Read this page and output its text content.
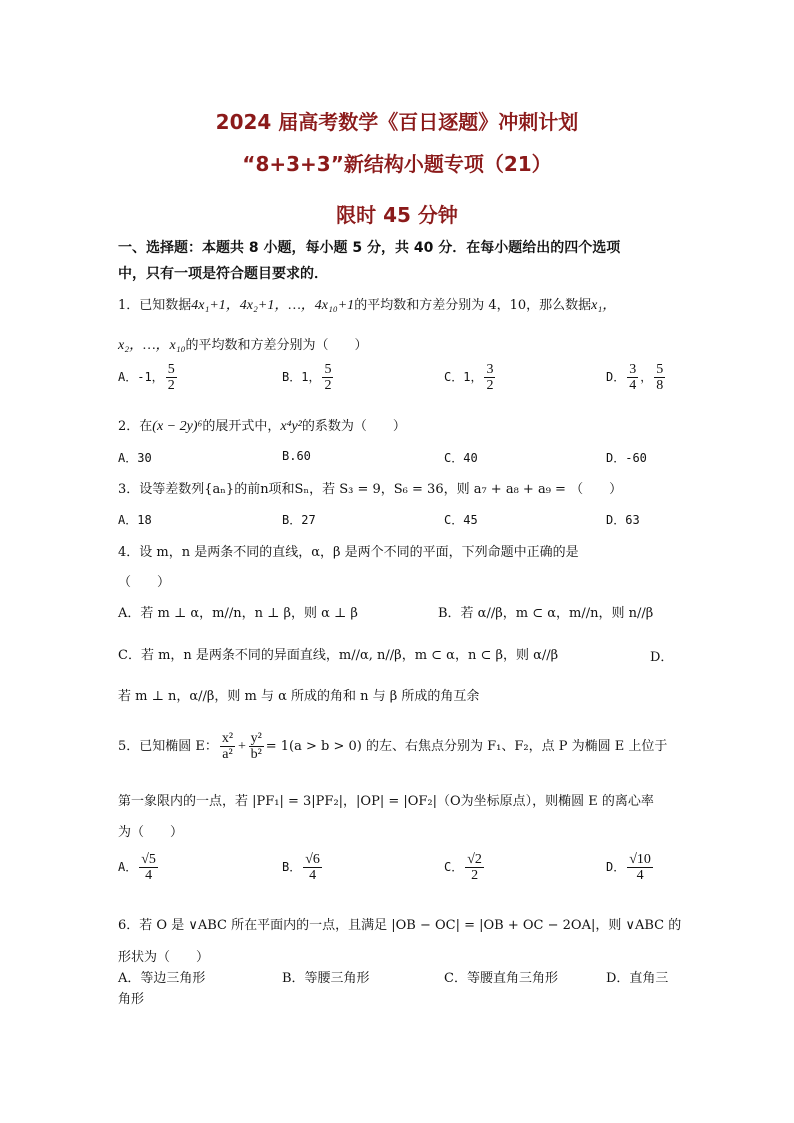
2024 届高考数学《百日逐题》冲刺计划
“8+3+3”新结构小题专项（21）
限时 45 分钟
一、选择题：本题共 8 小题，每小题 5 分，共 40 分．在每小题给出的四个选项
中，只有一项是符合题目要求的．
1．已知数据4x₁+1，4x₂+1，…，4x₁₀+1的平均数和方差分别为 4，10，那么数据x₁，
x₂，…，x₁₀的平均数和方差分别为（　　）
A．-1， $\frac{5}{2}$	B．1， $\frac{5}{2}$	C．1， $\frac{3}{2}$	D． $\frac{3}{4}$ ， $\frac{5}{8}$
2．在(x − 2y)⁶的展开式中，x⁴y²的系数为（　　）
A．30	B.60	C．40	D．-60
3．设等差数列{aₙ}的前n项和Sₙ，若 S₃ = 9，S₆ = 36，则 a₇ + a₈ + a₉ = （　　）
A．18	B．27	C．45	D．63
4．设 m，n 是两条不同的直线，α，β 是两个不同的平面，下列命题中正确的是
（　　）
A．若 m ⊥ α，m//n，n ⊥ β，则 α ⊥ β	B．若 α//β，m ⊂ α，m//n，则 n//β
C．若 m，n 是两条不同的异面直线，m//α, n//β，m ⊂ α，n ⊂ β，则 α//β	D．
若 m ⊥ n，α//β，则 m 与 α 所成的角和 n 与 β 所成的角互余
5．已知椭圆 E： $\frac{\text{x²}}{\text{a²}} + \frac{\text{y²}}{\text{b²}} = 1(a > b > 0)$ 的左、右焦点分别为 F₁、F₂，点 P 为椭圆 E 上位于
第一象限内的一点，若 |PF₁| = 3|PF₂|，|OP| = |OF₂|（O为坐标原点），则椭圆 E 的离心率
为（　　）
A． $\frac{√5}{4}$	B． $\frac{√6}{4}$	C． $\frac{√2}{2}$	D． $\frac{√10}{4}$
6．若 O 是 ∨ABC 所在平面内的一点，且满足 |OB − OC| = |OB + OC − 2OA|，则 ∨ABC 的
形状为（　　）
A．等边三角形	B．等腰三角形	C．等腰直角三角形	D．直角三
角形
